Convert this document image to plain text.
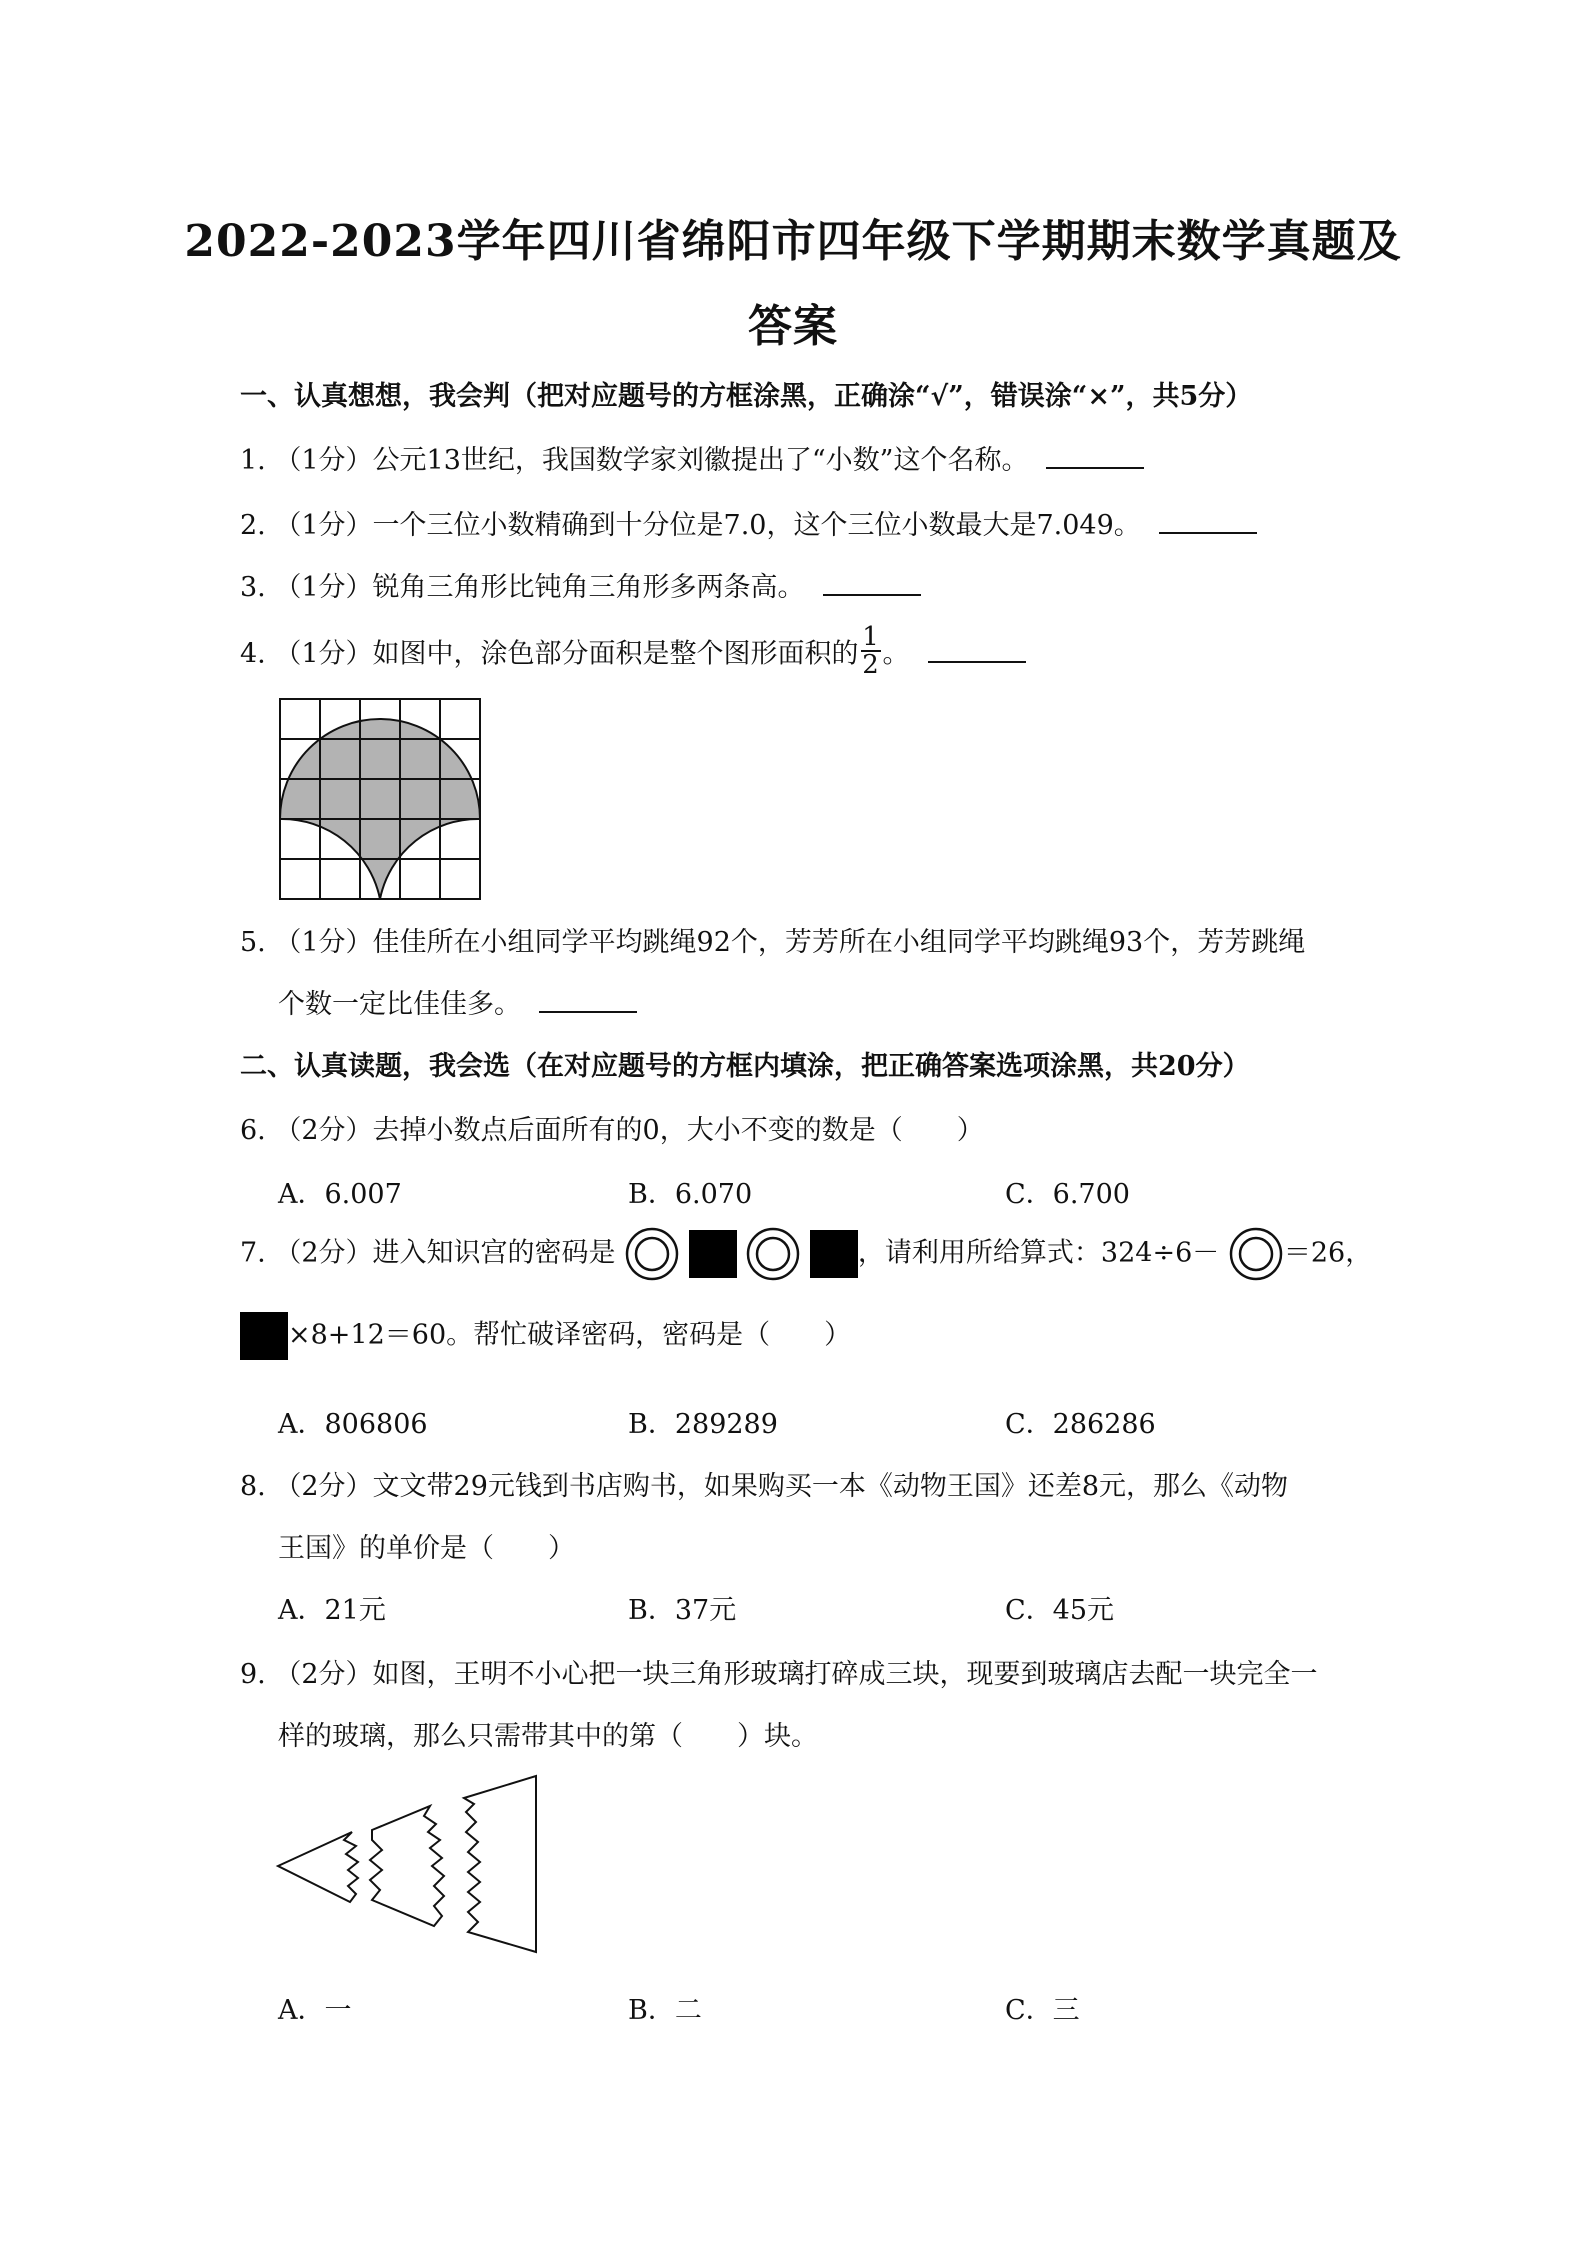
2022-2023学年四川省绵阳市四年级下学期期末数学真题及
答案
一、认真想想，我会判（把对应题号的方框涂黑，正确涂“√”，错误涂“×”，共5分）
1. （1分）公元13世纪，我国数学家刘徽提出了“小数”这个名称。
2. （1分）一个三位小数精确到十分位是7.0，这个三位小数最大是7.049。
3. （1分）锐角三角形比钝角三角形多两条高。
4. （1分）如图中，涂色部分面积是整个图形面积的 $\frac{1}{2}$ 。
5. （1分）佳佳所在小组同学平均跳绳92个，芳芳所在小组同学平均跳绳93个，芳芳跳绳
个数一定比佳佳多。
二、认真读题，我会选（在对应题号的方框内填涂，把正确答案选项涂黑，共20分）
6. （2分）去掉小数点后面所有的0，大小不变的数是（　　）
A．6.007	B．6.070	C．6.700
7. （2分）进入知识宫的密码是	，请利用所给算式：324÷6－ ＝26，
×8+12＝60。帮忙破译密码，密码是（　　）
A．806806	B．289289	C．286286
8. （2分）文文带29元钱到书店购书，如果购买一本《动物王国》还差8元，那么《动物
王国》的单价是（　　）
A．21元	B．37元	C．45元
9. （2分）如图，王明不小心把一块三角形玻璃打碎成三块，现要到玻璃店去配一块完全一
样的玻璃，那么只需带其中的第（　　）块。
A．一	B．二	C．三
